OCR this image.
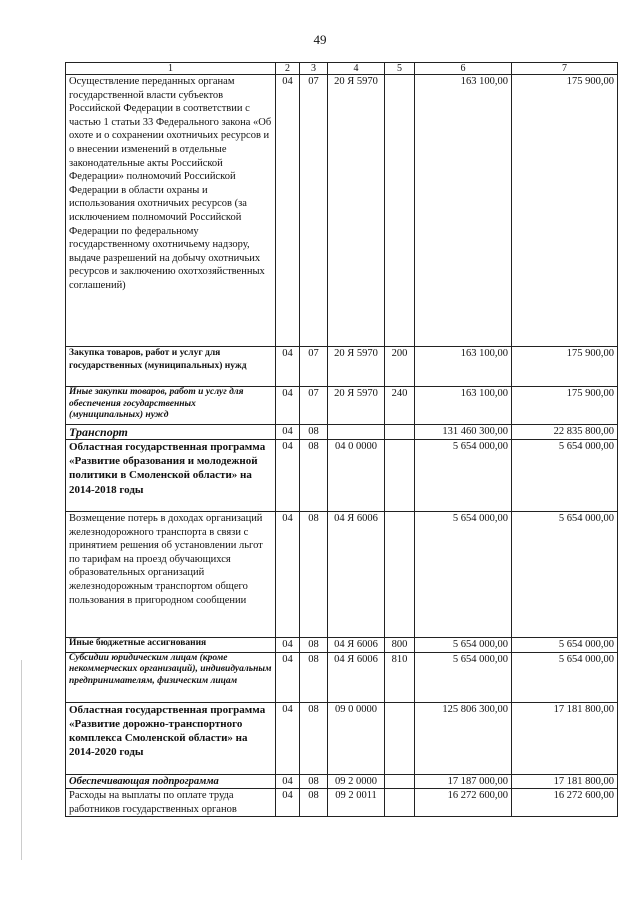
49
1	2	3	4	5	6	7
Осуществление переданных органам государственной власти субъектов Российской Федерации в соответствии с частью 1 статьи 33 Федерального закона «Об охоте и о сохранении охотничьих ресурсов и о внесении изменений в отдельные законодательные акты Российской Федерации» полномочий Российской Федерации в области охраны и использования охотничьих ресурсов (за исключением полномочий Российской Федерации по федеральному государственному охотничьему надзору, выдаче разрешений на добычу охотничьих ресурсов и заключению охотхозяйственных соглашений)	04	07	20 Я 5970		163 100,00	175 900,00
Закупка товаров, работ и услуг для государственных (муниципальных) нужд	04	07	20 Я 5970	200	163 100,00	175 900,00
Иные закупки товаров, работ и услуг для обеспечения государственных (муниципальных) нужд	04	07	20 Я 5970	240	163 100,00	175 900,00
Транспорт	04	08			131 460 300,00	22 835 800,00
Областная государственная программа «Развитие образования и молодежной политики в Смоленской области» на 2014-2018 годы	04	08	04 0 0000		5 654 000,00	5 654 000,00
Возмещение потерь в доходах организаций железнодорожного транспорта в связи с принятием решения об установлении льгот по тарифам на проезд обучающихся образовательных организаций железнодорожным транспортом общего пользования в пригородном сообщении	04	08	04 Я 6006		5 654 000,00	5 654 000,00
Иные бюджетные ассигнования	04	08	04 Я 6006	800	5 654 000,00	5 654 000,00
Субсидии юридическим лицам (кроме некоммерческих организаций), индивидуальным предпринимателям, физическим лицам	04	08	04 Я 6006	810	5 654 000,00	5 654 000,00
Областная государственная программа «Развитие дорожно-транспортного комплекса Смоленской области» на 2014-2020 годы	04	08	09 0 0000		125 806 300,00	17 181 800,00
Обеспечивающая подпрограмма	04	08	09 2 0000		17 187 000,00	17 181 800,00
Расходы на выплаты по оплате труда работников государственных органов	04	08	09 2 0011		16 272 600,00	16 272 600,00
